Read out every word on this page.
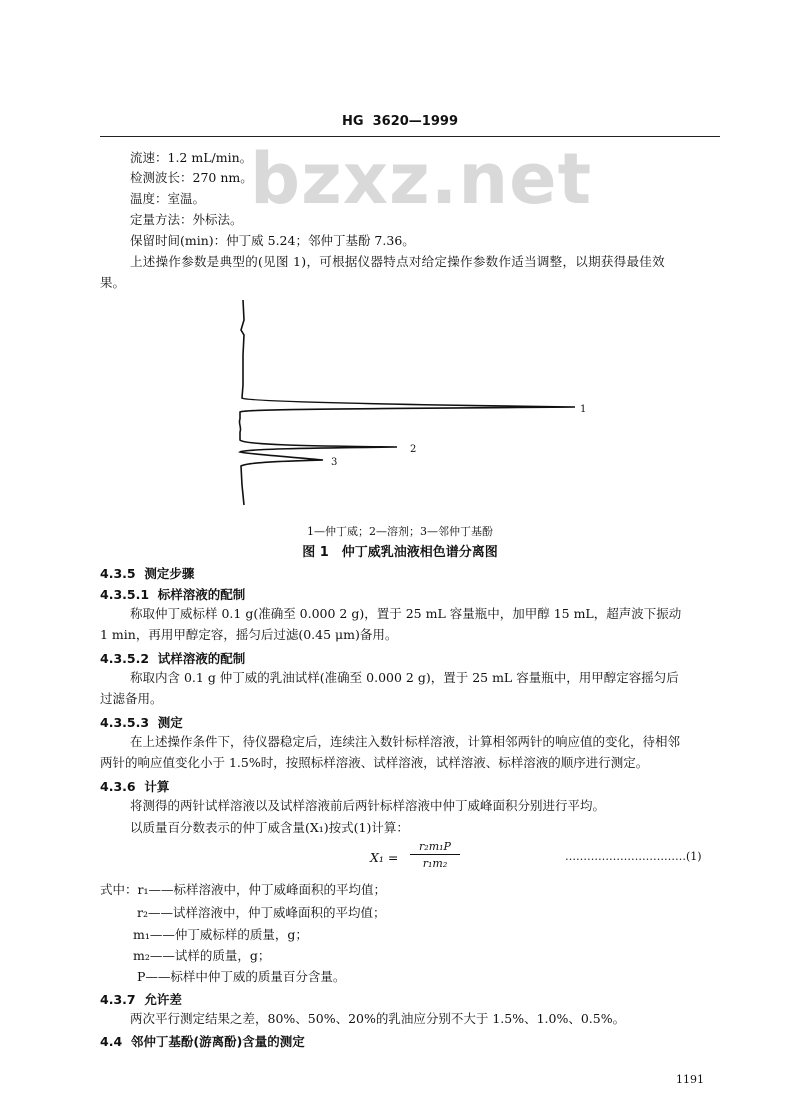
HG 3620—1999
bzxz.net
流速：1.2 mL/min。
检测波长：270 nm。
温度：室温。
定量方法：外标法。
保留时间(min)：仲丁威 5.24；邻仲丁基酚 7.36。
上述操作参数是典型的(见图 1)，可根据仪器特点对给定操作参数作适当调整，以期获得最佳效
果。
1
2
3
1—仲丁威；2—溶剂；3—邻仲丁基酚
图 1　仲丁威乳油液相色谱分离图
4.3.5 测定步骤
4.3.5.1 标样溶液的配制
称取仲丁威标样 0.1 g(准确至 0.000 2 g)，置于 25 mL 容量瓶中，加甲醇 15 mL，超声波下振动
1 min，再用甲醇定容，摇匀后过滤(0.45 μm)备用。
4.3.5.2 试样溶液的配制
称取内含 0.1 g 仲丁威的乳油试样(准确至 0.000 2 g)，置于 25 mL 容量瓶中，用甲醇定容摇匀后
过滤备用。
4.3.5.3 测定
在上述操作条件下，待仪器稳定后，连续注入数针标样溶液，计算相邻两针的响应值的变化，待相邻
两针的响应值变化小于 1.5%时，按照标样溶液、试样溶液，试样溶液、标样溶液的顺序进行测定。
4.3.6 计算
将测得的两针试样溶液以及试样溶液前后两针标样溶液中仲丁威峰面积分别进行平均。
以质量百分数表示的仲丁威含量(X₁)按式(1)计算：
X₁ =
r₂m₁P
r₁m₂
……………………………(1)
式中：r₁——标样溶液中，仲丁威峰面积的平均值；
r₂——试样溶液中，仲丁威峰面积的平均值；
m₁——仲丁威标样的质量，g；
m₂——试样的质量，g；
P——标样中仲丁威的质量百分含量。
4.3.7 允许差
两次平行测定结果之差，80%、50%、20%的乳油应分别不大于 1.5%、1.0%、0.5%。
4.4 邻仲丁基酚(游离酚)含量的测定
1191
